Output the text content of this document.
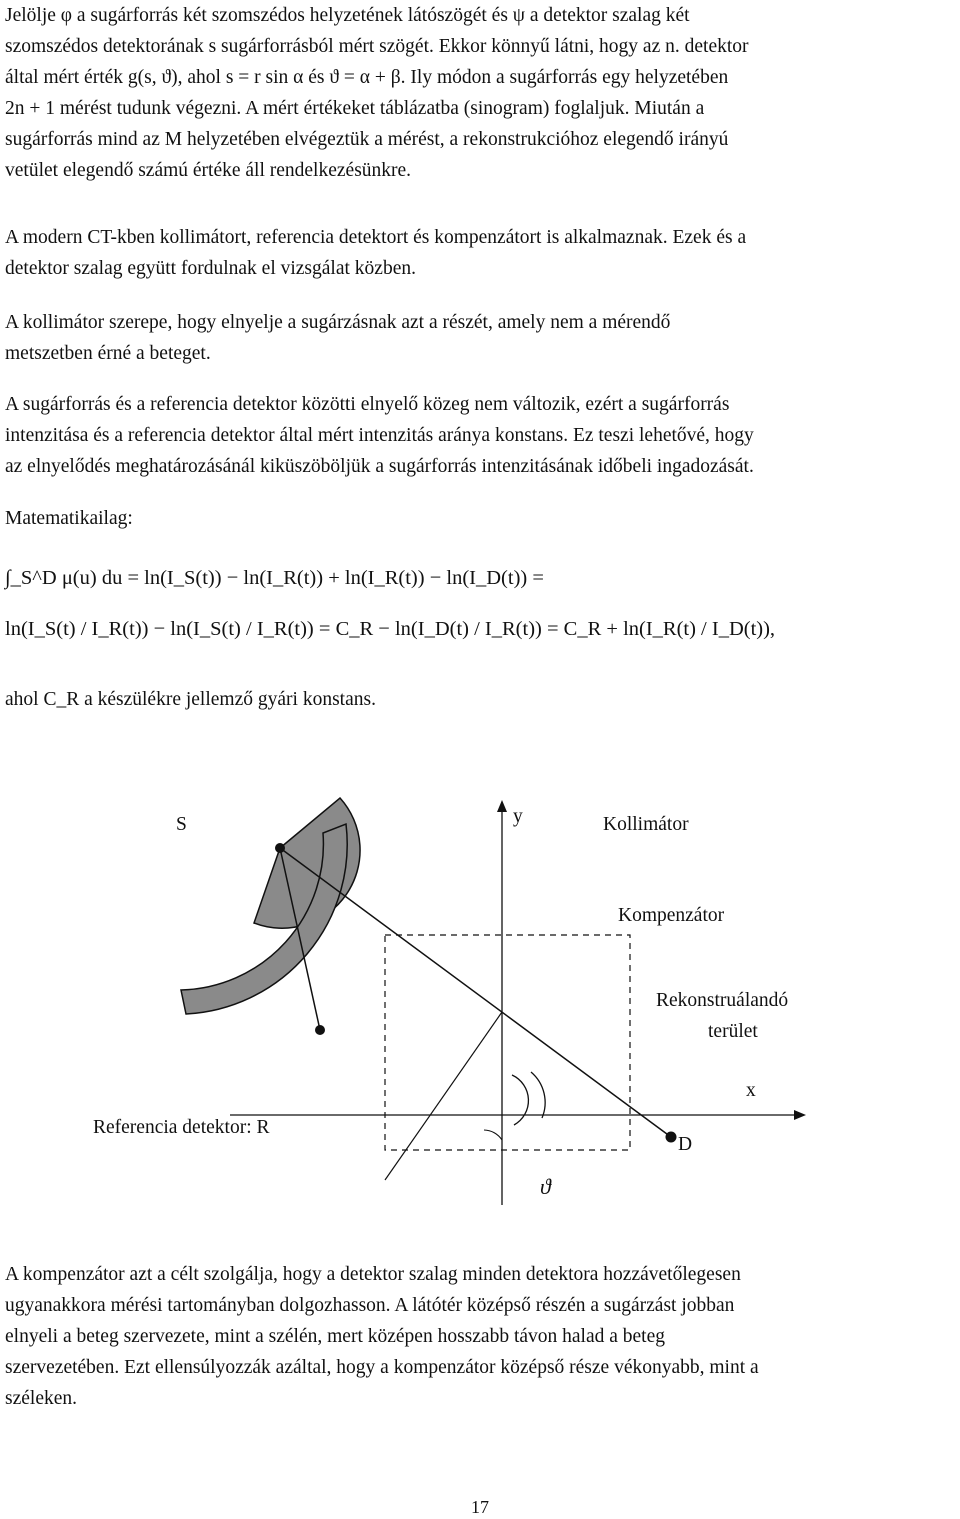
Jelölje φ a sugárforrás két szomszédos helyzetének látószögét és ψ a detektor szalag két
szomszédos detektorának s sugárforrásból mért szögét. Ekkor könnyű látni, hogy az n. detektor
által mért érték g(s, ϑ), ahol s = r sin α és ϑ = α + β. Ily módon a sugárforrás egy helyzetében
2n + 1 mérést tudunk végezni. A mért értékeket táblázatba (sinogram) foglaljuk. Miután a
sugárforrás mind az M helyzetében elvégeztük a mérést, a rekonstrukcióhoz elegendő irányú
vetület elegendő számú értéke áll rendelkezésünkre.
A modern CT-kben kollimátort, referencia detektort és kompenzátort is alkalmaznak. Ezek és a
detektor szalag együtt fordulnak el vizsgálat közben.
A kollimátor szerepe, hogy elnyelje a sugárzásnak azt a részét, amely nem a mérendő
metszetben érné a beteget.
A sugárforrás és a referencia detektor közötti elnyelő közeg nem változik, ezért a sugárforrás
intenzitása és a referencia detektor által mért intenzitás aránya konstans. Ez teszi lehetővé, hogy
az elnyelődés meghatározásánál kiküszöböljük a sugárforrás intenzitásának időbeli ingadozását.
Matematikailag:
∫_S^D μ(u) du = ln(I_S(t)) − ln(I_R(t)) + ln(I_R(t)) − ln(I_D(t)) =
ln(I_S(t) / I_R(t)) − ln(I_S(t) / I_R(t)) = C_R − ln(I_D(t) / I_R(t)) = C_R + ln(I_R(t) / I_D(t)),
ahol C_R a készülékre jellemző gyári konstans.
S	y	Kollimátor
Kompenzátor
Rekonstruálandó
terület
x
Referencia detektor: R
D
ϑ
A kompenzátor azt a célt szolgálja, hogy a detektor szalag minden detektora hozzávetőlegesen
ugyanakkora mérési tartományban dolgozhasson. A látótér középső részén a sugárzást jobban
elnyeli a beteg szervezete, mint a szélén, mert középen hosszabb távon halad a beteg
szervezetében. Ezt ellensúlyozzák azáltal, hogy a kompenzátor középső része vékonyabb, mint a
széleken.
17
